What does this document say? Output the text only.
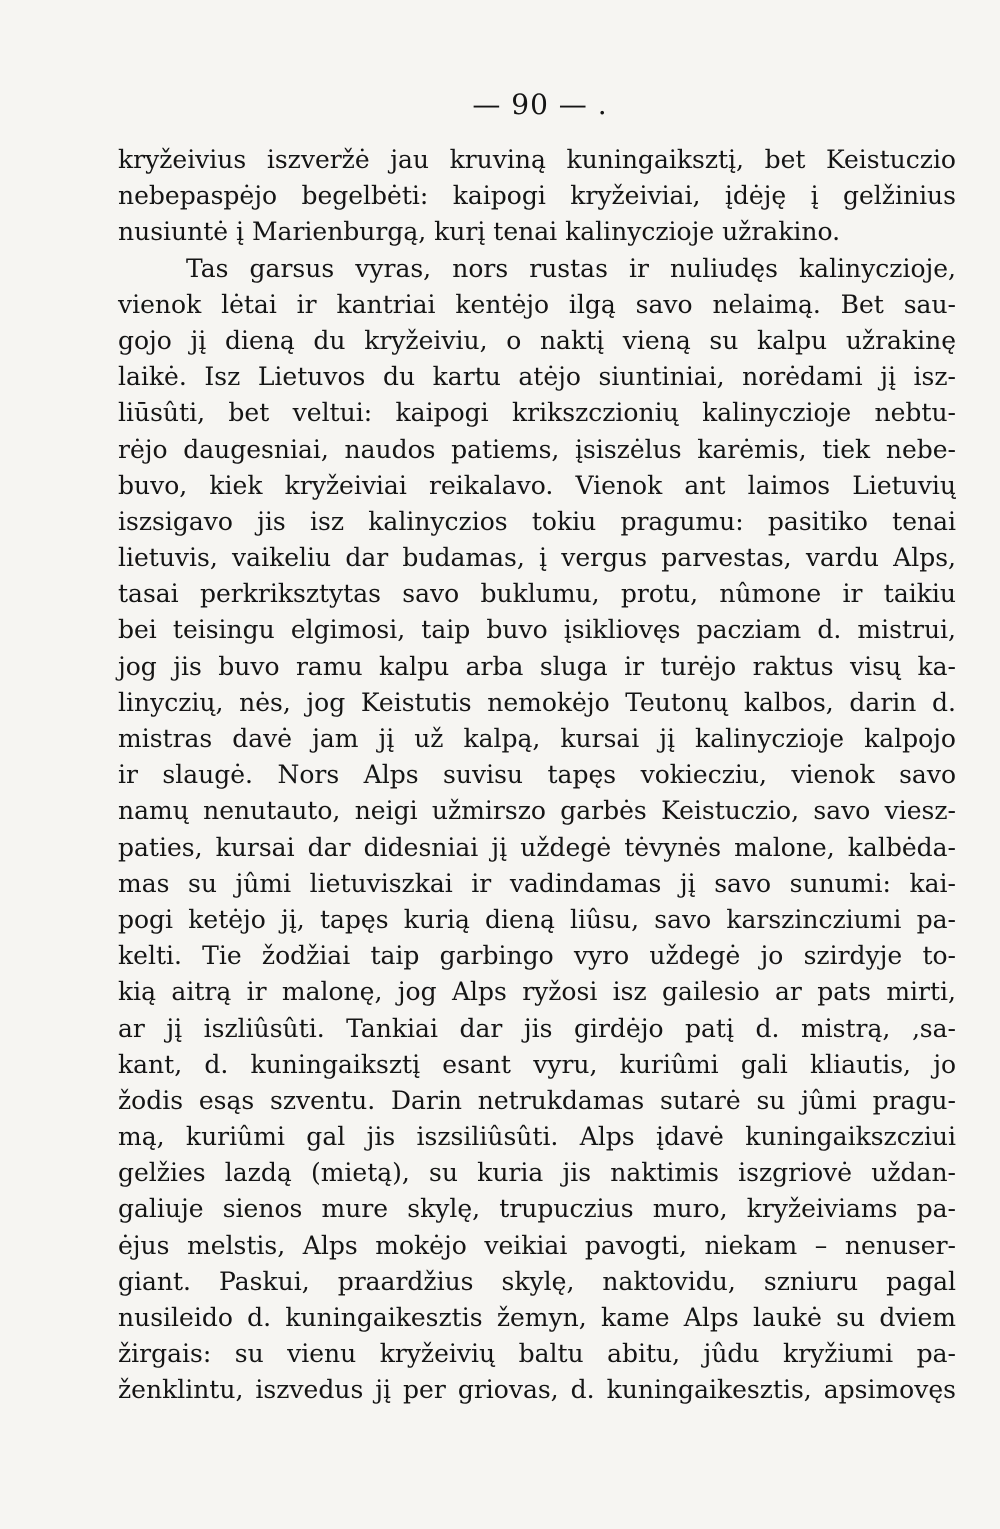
— 90 — .
kryžeivius iszveržė jau kruviną kuningaiksztį, bet Keistuczio
nebepaspėjo begelbėti: kaipogi kryžeiviai, įdėję į gelžinius
nusiuntė į Marienburgą, kurį tenai kalinyczioje užrakino.
Tas garsus vyras, nors rustas ir nuliudęs kalinyczioje,
vienok lėtai ir kantriai kentėjo ilgą savo nelaimą. Bet sau-
gojo jį dieną du kryžeiviu, o naktį vieną su kalpu užrakinę
laikė. Isz Lietuvos du kartu atėjo siuntiniai, norėdami jį isz-
liūsûti, bet veltui: kaipogi krikszczionių kalinyczioje nebtu-
rėjo daugesniai, naudos patiems, įsiszėlus karėmis, tiek nebe-
buvo, kiek kryžeiviai reikalavo. Vienok ant laimos Lietuvių
iszsigavo jis isz kalinyczios tokiu pragumu: pasitiko tenai
lietuvis, vaikeliu dar budamas, į vergus parvestas, vardu Alps,
tasai perkrikszty​tas savo buklumu, protu, nûmone ir taikiu
bei teisingu elgimosi, taip buvo įsikliovęs pacziam d. mistrui,
jog jis buvo ramu kalpu arba sluga ir turėjo raktus visų ka-
linyczių, nės, jog Keistutis nemokėjo Teutonų kalbos, darin d.
mistras davė jam jį už kalpą, kursai jį kalinyczioje kalpojo
ir slaugė. Nors Alps suvisu tapęs vokiecziu, vienok savo
namų nenutauto, neigi užmirszo garbės Keistuczio, savo viesz-
paties, kursai dar didesniai jį uždegė tėvynės malone, kalbėda-
mas su jûmi lietuviszkai ir vadindamas jį savo sunumi: kai-
pogi ketėjo jį, tapęs kurią dieną liûsu, savo karszincziumi pa-
kelti. Tie žodžiai taip garbingo vyro uždegė jo szirdyje to-
kią aitrą ir malonę, jog Alps ryžosi isz gailesio ar pats mirti,
ar jį iszliûsûti. Tankiai dar jis girdėjo patį d. mistrą, ‚sa-
kant, d. kuningaiksztį esant vyru, kuriûmi gali kliautis, jo
žodis esąs szventu. Darin netrukdamas sutarė su jûmi pragu-
mą, kuriûmi gal jis iszsiliûsûti. Alps įdavė kuningaikszcziui
gelžies lazdą (mietą), su kuria jis naktimis iszgriovė uždan-
galiuje sienos mure skylę, trupuczius muro, kryžeiviams pa-
ėjus melstis, Alps mokėjo veikiai pavogti, niekam – nenuser-
giant. Paskui, praardžius skylę, naktovidu, szniuru pagal
nusileido d. kuningaikesztis žemyn, kame Alps laukė su dviem
žirgais: su vienu kryžeivių baltu abitu, jûdu kryžiumi pa-
ženklintu, iszvedus jį per griovas, d. kuningaikesztis, apsimovęs
